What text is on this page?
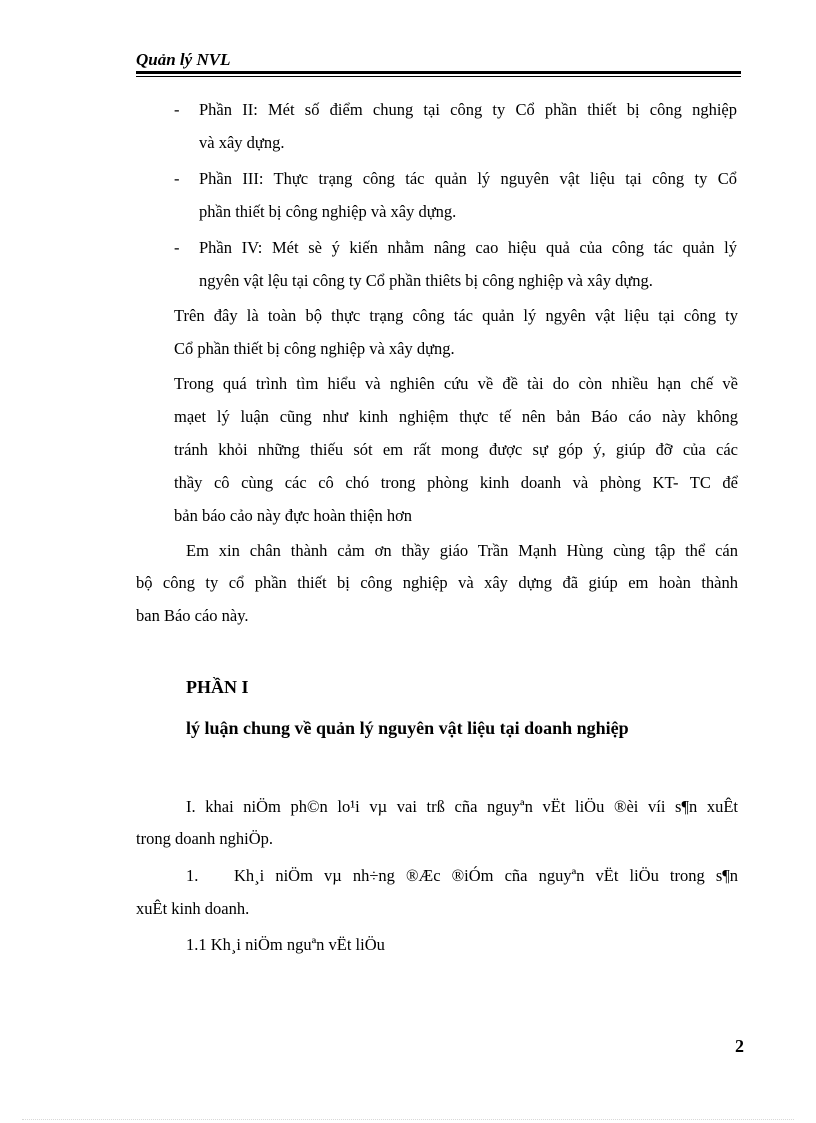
Quản lý NVL
- Phần II: Mét số điểm chung tại công ty Cổ phần thiết bị công nghiệp
và xây dựng.
- Phần III: Thực trạng công tác quản lý nguyên vật liệu tại công ty Cổ
phần thiết bị công nghiệp và xây dựng.
- Phần IV: Mét sè ý kiến nhằm nâng cao hiệu quả của công tác quản lý
ngyên vật lệu tại công ty Cổ phần thiêts bị công nghiệp và xây dựng.
Trên đây là toàn bộ thực trạng công tác quản lý ngyên vật liệu tại công ty
Cổ phần thiết bị công nghiệp và xây dựng.
Trong quá trình tìm hiểu và nghiên cứu về đề tài do còn nhiều hạn chế về
mạet lý luận cũng như kinh nghiệm thực tế nên bản Báo cáo này không
tránh khỏi những thiếu sót em rất mong được sự góp ý, giúp đỡ của các
thầy cô cùng các cô chó trong phòng kinh doanh và phòng KT- TC để
bản báo cảo này đực hoàn thiện hơn
Em xin chân thành cảm ơn thầy giáo Trần Mạnh Hùng cùng tập thể cán
bộ công ty cổ phần thiết bị công nghiệp và xây dựng đã giúp em hoàn thành
ban Báo cáo này.
PHẦN I
lý luận chung về quản lý nguyên vật liệu tại doanh nghiệp
I. khai niÖm ph©n lo¹i vµ vai trß cña nguyªn vËt liÖu ®èi víi s¶n xuÊt
trong doanh nghiÖp.
1. Kh¸i niÖm vµ nh÷ng ®Æc ®iÓm cña nguyªn vËt liÖu trong s¶n
xuÊt kinh doanh.
1.1 Kh¸i niÖm nguªn vËt liÖu
2
